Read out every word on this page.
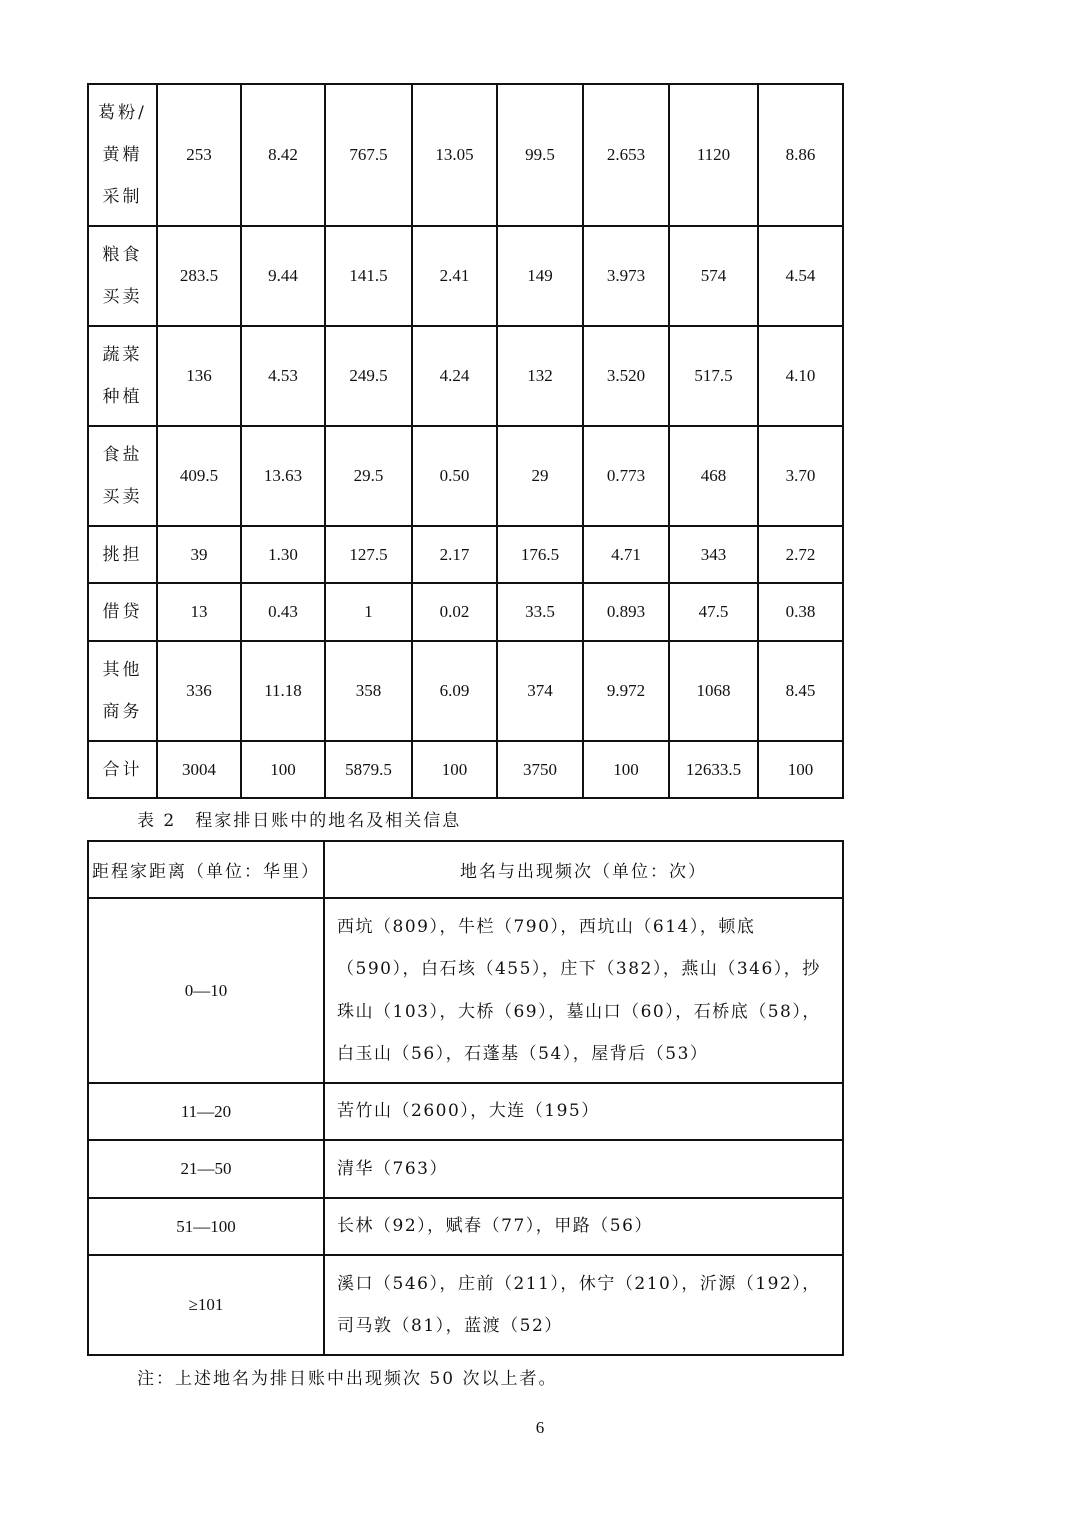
葛粉/
黄精
采制	253	8.42	767.5	13.05	99.5	2.653	1120	8.86

粮食
买卖	283.5	9.44	141.5	2.41	149	3.973	574	4.54

蔬菜
种植	136	4.53	249.5	4.24	132	3.520	517.5	4.10

食盐
买卖	409.5	13.63	29.5	0.50	29	0.773	468	3.70

挑担	39	1.30	127.5	2.17	176.5	4.71	343	2.72

借贷	13	0.43	1	0.02	33.5	0.893	47.5	0.38

其他
商务	336	11.18	358	6.09	374	9.972	1068	8.45

合计	3004	100	5879.5	100	3750	100	12633.5	100
表 2　程家排日账中的地名及相关信息
距程家距离（单位：华里）	地名与出现频次（单位：次）
0—10	西坑（809），牛栏（790），西坑山（614），顿底（590），白石垓（455），庄下（382），燕山（346），抄珠山（103），大桥（69），墓山口（60），石桥底（58），白玉山（56），石蓬基（54），屋背后（53）
11—20	苦竹山（2600），大连（195）
21—50	清华（763）
51—100	长林（92），赋春（77），甲路（56）
≥101	溪口（546），庄前（211），休宁（210），沂源（192），司马敦（81），蓝渡（52）
注：上述地名为排日账中出现频次 50 次以上者。
6
